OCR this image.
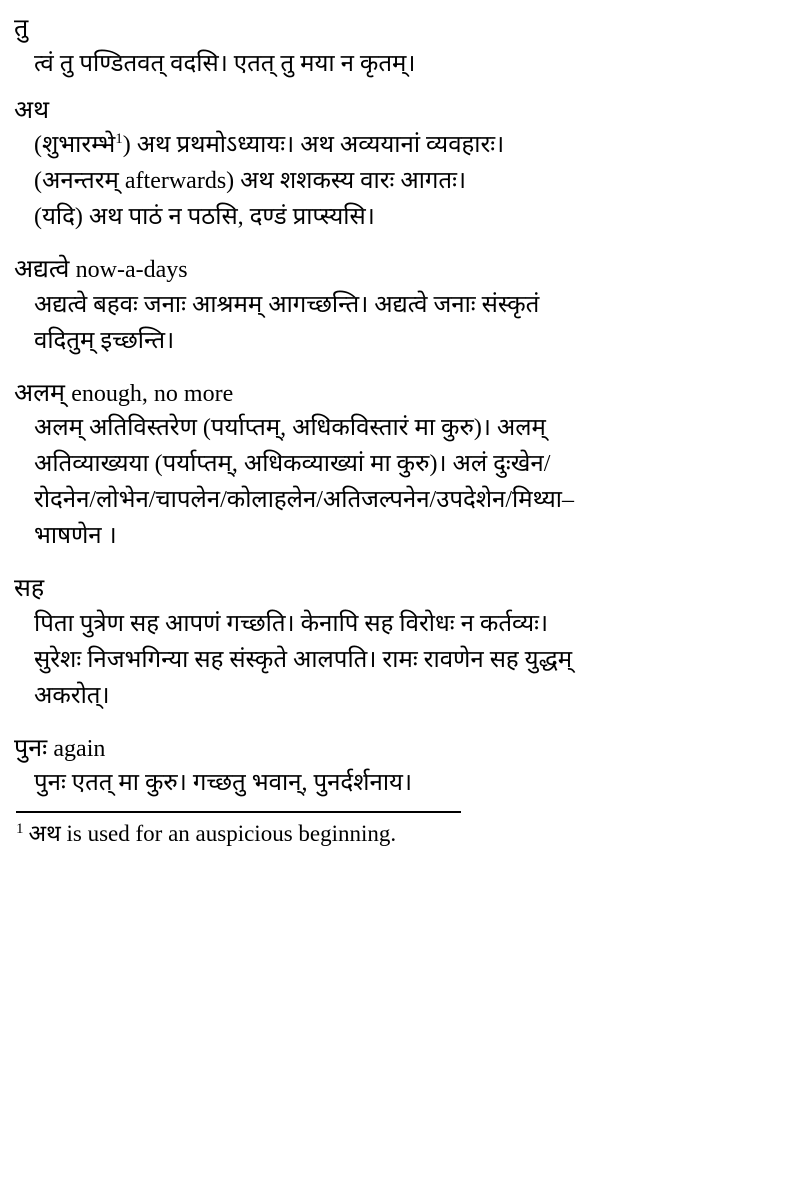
तु
त्वं तु पण्डितवत् वदसि। एतत् तु मया न कृतम्।
अथ
(शुभारम्भे$^1$) अथ प्रथमोऽध्यायः। अथ अव्ययानां व्यवहारः।
(अनन्तरम् afterwards) अथ शशकस्य वारः आगतः।
(यदि) अथ पाठं न पठसि, दण्डं प्राप्स्यसि।
अद्यत्वे now-a-days
अद्यत्वे बहवः जनाः आश्रमम् आगच्छन्ति। अद्यत्वे जनाः संस्कृतं
वदितुम् इच्छन्ति।
अलम् enough, no more
अलम् अतिविस्तरेण (पर्याप्तम्, अधिकविस्तारं मा कुरु)। अलम्
अतिव्याख्यया (पर्याप्तम्, अधिकव्याख्यां मा कुरु)। अलं दुःखेन/
रोदनेन/लोभेन/चापलेन/कोलाहलेन/अतिजल्पनेन/उपदेशेन/मिथ्या–
भाषणेन ।
सह
पिता पुत्रेण सह आपणं गच्छति। केनापि सह विरोधः न कर्तव्यः।
सुरेशः निजभगिन्या सह संस्कृते आलपति। रामः रावणेन सह युद्धम्
अकरोत्।
पुनः again
पुनः एतत् मा कुरु। गच्छतु भवान्, पुनर्दर्शनाय।
$^1$ अथ is used for an auspicious beginning.
